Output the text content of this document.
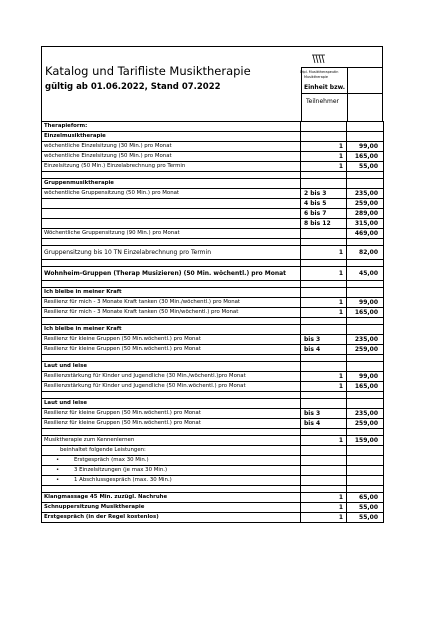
Katalog und Tarifliste Musiktherapie
gültig ab 01.06.2022, Stand 07.2022
Dipl. Musiktherapeutin
Musiktherapie
Einheit bzw.
Teilnehmer
Therapieform:		
Einzelmusiktherapie		
wöchentliche Einzelsitzung (30 Min.) pro Monat	1	99,00
wöchentliche Einzelsitzung (50 Min.) pro Monat	1	165,00
Einzelsitzung (50 Min.) Einzelabrechnung pro Termin	1	55,00

Gruppenmusiktherapie		
wöchentliche Gruppensitzung (50 Min.) pro Monat	2 bis 3	235,00
	4 bis 5	259,00
	6 bis 7	289,00
	8 bis 12	315,00
Wöchentliche Gruppensitzung (90 Min.) pro Monat		469,00

Gruppensitzung bis 10 TN Einzelabrechnung pro Termin	1	82,00

Wohnheim-Gruppen (Therap Musizieren) (50 Min. wöchentl.) pro Monat	1	45,00

Ich bleibe in meiner Kraft		
Resilienz für mich - 3 Monate Kraft tanken (30 Min./wöchentl.) pro Monat	1	99,00
Resilienz für mich - 3 Monate Kraft tanken (50 Min/wöchentl.) pro Monat	1	165,00

Ich bleibe in meiner Kraft		
Resilienz für kleine Gruppen (50 Min.wöchentl.) pro Monat	bis 3	235,00
Resilienz für kleine Gruppen (50 Min.wöchentl.) pro Monat	bis 4	259,00

Laut und leise		
Resilienzstärkung für Kinder und Jugendliche (30 Min./wöchentl.)pro Monat	1	99,00
Resilienzstärkung für Kinder und Jugendliche (50 Min.wöchentl.) pro Monat	1	165,00

Laut und leise		
Resilienz für kleine Gruppen (50 Min.wöchentl.) pro Monat	bis 3	235,00
Resilienz für kleine Gruppen (50 Min.wöchentl.) pro Monat	bis 4	259,00

Musiktherapie zum Kennenlernen	1	159,00
beinhaltet folgende Leistungen:		
• Erstgespräch (max 30 Min.)		
• 3 Einzelsitzungen (je max 30 Min.)		
• 1 Abschlussgespräch (max. 30 Min.)		

Klangmassage 45 Min. zuzügl. Nachruhe	1	65,00
Schnuppersitzung Musiktherapie	1	55,00
Erstgespräch (in der Regel kostenlos)	1	55,00
